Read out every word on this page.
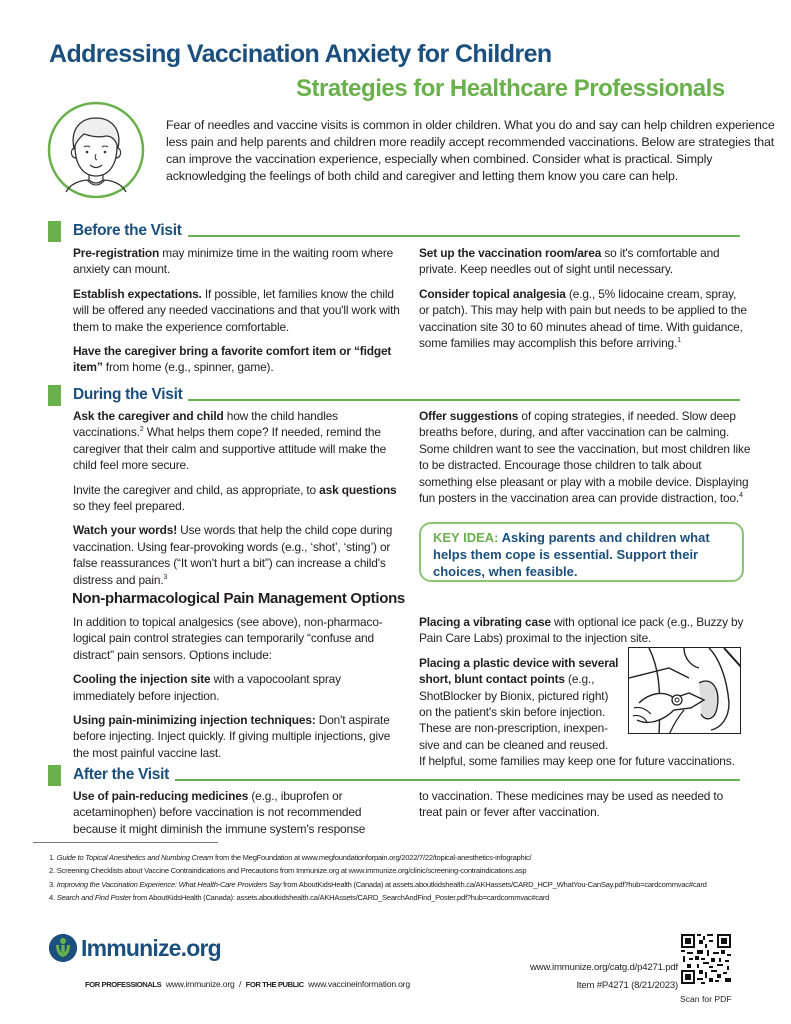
Addressing Vaccination Anxiety for Children
Strategies for Healthcare Professionals
Fear of needles and vaccine visits is common in older children. What you do and say can help children experience less pain and help parents and children more readily accept recommended vaccinations. Below are strategies that can improve the vaccination experience, especially when combined. Consider what is practical. Simply acknowledging the feelings of both child and caregiver and letting them know you care can help.
Before the Visit

Pre-registration may minimize time in the waiting room where anxiety can mount.

Establish expectations. If possible, let families know the child will be offered any needed vaccinations and that you'll work with them to make the experience comfortable.

Have the caregiver bring a favorite comfort item or “fidget item” from home (e.g., spinner, game).

Set up the vaccination room/area so it's comfortable and private. Keep needles out of sight until necessary.

Consider topical analgesia (e.g., 5% lidocaine cream, spray, or patch). This may help with pain but needs to be applied to the vaccination site 30 to 60 minutes ahead of time. With guidance, some families may accomplish this before arriving.$^1$

During the Visit

Ask the caregiver and child how the child handles vaccinations.$^2$ What helps them cope? If needed, remind the caregiver that their calm and supportive attitude will make the child feel more secure.

Invite the caregiver and child, as appropriate, to ask questions so they feel prepared.

Watch your words! Use words that help the child cope during vaccination. Using fear-provoking words (e.g., ‘shot’, ‘sting’) or false reassurances (“It won't hurt a bit”) can increase a child's distress and pain.$^3$

Offer suggestions of coping strategies, if needed. Slow deep breaths before, during, and after vaccination can be calming. Some children want to see the vaccination, but most children like to be distracted. Encourage those children to talk about something else pleasant or play with a mobile device. Displaying fun posters in the vaccination area can provide distraction, too.$^4$

KEY IDEA: Asking parents and children what helps them cope is essential. Support their choices, when feasible.
Non-pharmacological Pain Management Options

In addition to topical analgesics (see above), non-pharmaco-logical pain control strategies can temporarily “confuse and distract” pain sensors. Options include:

Cooling the injection site with a vapocoolant spray immediately before injection.

Using pain-minimizing injection techniques: Don't aspirate before injecting. Inject quickly. If giving multiple injections, give the most painful vaccine last.

Placing a vibrating case with optional ice pack (e.g., Buzzy by Pain Care Labs) proximal to the injection site.

Placing a plastic device with several short, blunt contact points (e.g., ShotBlocker by Bionix, pictured right) on the patient's skin before injection. These are non-prescription, inexpen-sive and can be cleaned and reused.

If helpful, some families may keep one for future vaccinations.

After the Visit

Use of pain-reducing medicines (e.g., ibuprofen or acetaminophen) before vaccination is not recommended because it might diminish the immune system's response

to vaccination. These medicines may be used as needed to treat pain or fever after vaccination.

1. Guide to Topical Anesthetics and Numbing Cream from the MegFoundation at www.megfoundationforpain.org/2022/7/22/topical-anesthetics-infographic/
2. Screening Checklists about Vaccine Contraindications and Precautions from Immunize.org at www.immunize.org/clinic/screening-contraindications.asp
3. Improving the Vaccination Experience: What Health-Care Providers Say from AboutKidsHealth (Canada) at assets.aboutkidshealth.ca/AKHassets/CARD_HCP_WhatYou-CanSay.pdf?hub=cardcommvac#card
4. Search and Find Poster from AboutKidsHealth (Canada): assets.aboutkidshealth.ca/AKHAssets/CARD_SearchAndFind_Poster.pdf?hub=cardcommvac#card
Immunize.org
FOR PROFESSIONALS www.immunize.org / FOR THE PUBLIC www.vaccineinformation.org
www.immunize.org/catg.d/p4271.pdf
Item #P4271 (8/21/2023)
Scan for PDF
